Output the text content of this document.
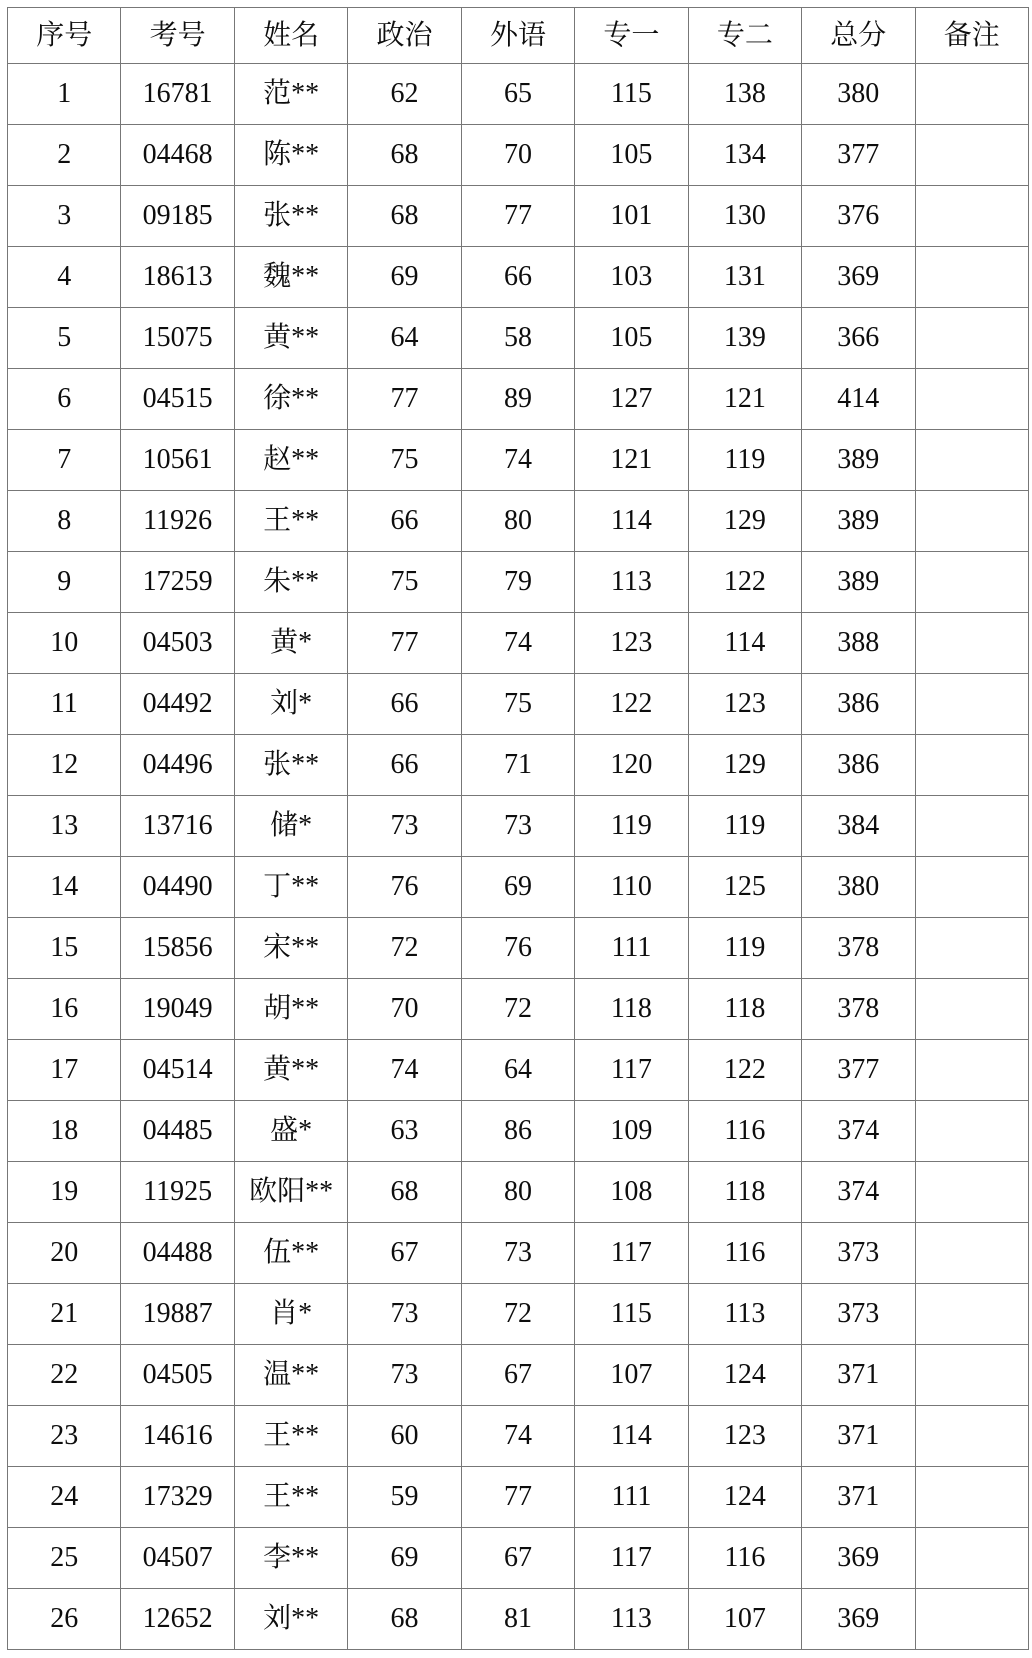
序号	考号	姓名	政治	外语	专一	专二	总分	备注
1	16781	范**	62	65	115	138	380	
2	04468	陈**	68	70	105	134	377	
3	09185	张**	68	77	101	130	376	
4	18613	魏**	69	66	103	131	369	
5	15075	黄**	64	58	105	139	366	
6	04515	徐**	77	89	127	121	414	
7	10561	赵**	75	74	121	119	389	
8	11926	王**	66	80	114	129	389	
9	17259	朱**	75	79	113	122	389	
10	04503	黄*	77	74	123	114	388	
11	04492	刘*	66	75	122	123	386	
12	04496	张**	66	71	120	129	386	
13	13716	储*	73	73	119	119	384	
14	04490	丁**	76	69	110	125	380	
15	15856	宋**	72	76	111	119	378	
16	19049	胡**	70	72	118	118	378	
17	04514	黄**	74	64	117	122	377	
18	04485	盛*	63	86	109	116	374	
19	11925	欧阳**	68	80	108	118	374	
20	04488	伍**	67	73	117	116	373	
21	19887	肖*	73	72	115	113	373	
22	04505	温**	73	67	107	124	371	
23	14616	王**	60	74	114	123	371	
24	17329	王**	59	77	111	124	371	
25	04507	李**	69	67	117	116	369	
26	12652	刘**	68	81	113	107	369	
